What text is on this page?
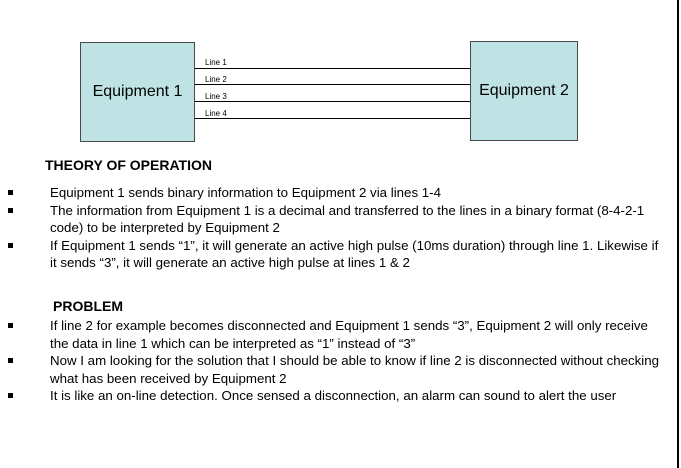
Equipment 1	Equipment 2
Line 1
Line 2
Line 3
Line 4
THEORY OF OPERATION
Equipment 1 sends binary information to Equipment 2 via lines 1-4
The information from Equipment 1 is a decimal and transferred to the lines in a binary format (8-4-2-1 code) to be interpreted by Equipment 2
If Equipment 1 sends “1”, it will generate an active high pulse (10ms duration) through line 1. Likewise if it sends “3”, it will generate an active high pulse at lines 1 & 2
PROBLEM
If line 2 for example becomes disconnected and Equipment 1 sends “3”, Equipment 2 will only receive the data in line 1 which can be interpreted as “1” instead of “3”
Now I am looking for the solution that I should be able to know if line 2 is disconnected without checking what has been received by Equipment 2
It is like an on-line detection. Once sensed a disconnection, an alarm can sound to alert the user
